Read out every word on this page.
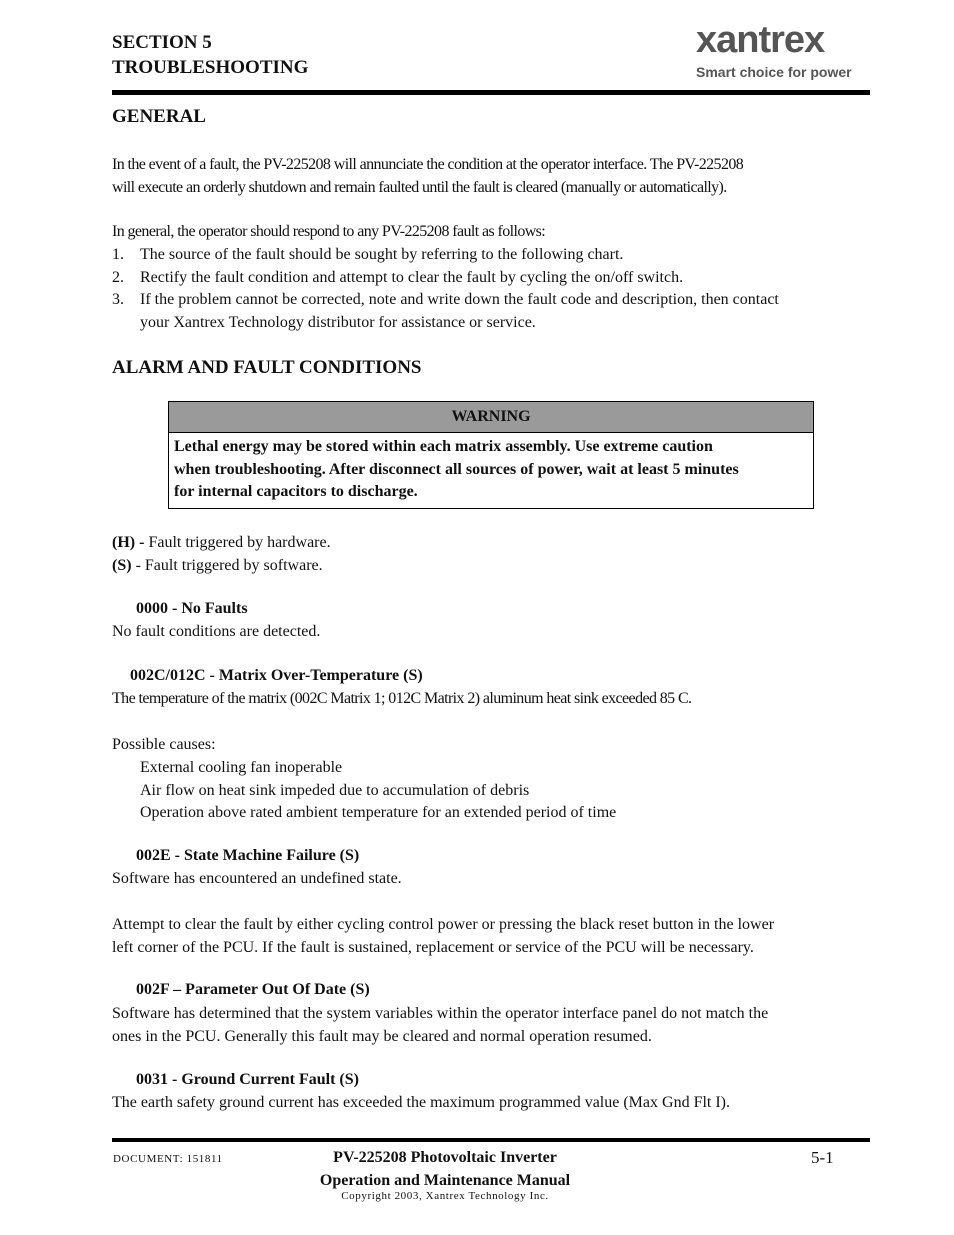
SECTION 5
TROUBLESHOOTING
xantrex
Smart choice for power
GENERAL
In the event of a fault, the PV-225208 will annunciate the condition at the operator interface. The PV-225208
will execute an orderly shutdown and remain faulted until the fault is cleared (manually or automatically).
In general, the operator should respond to any PV-225208 fault as follows:
1.	The source of the fault should be sought by referring to the following chart.
2.	Rectify the fault condition and attempt to clear the fault by cycling the on/off switch.
3.	If the problem cannot be corrected, note and write down the fault code and description, then contact
your Xantrex Technology distributor for assistance or service.
ALARM AND FAULT CONDITIONS
WARNING
Lethal energy may be stored within each matrix assembly. Use extreme caution
when troubleshooting. After disconnect all sources of power, wait at least 5 minutes
for internal capacitors to discharge.
(H) - Fault triggered by hardware.
(S) - Fault triggered by software.
0000 - No Faults
No fault conditions are detected.
002C/012C - Matrix Over-Temperature (S)
The temperature of the matrix (002C Matrix 1; 012C Matrix 2) aluminum heat sink exceeded 85 C.
Possible causes:
External cooling fan inoperable
Air flow on heat sink impeded due to accumulation of debris
Operation above rated ambient temperature for an extended period of time
002E - State Machine Failure (S)
Software has encountered an undefined state.
Attempt to clear the fault by either cycling control power or pressing the black reset button in the lower
left corner of the PCU. If the fault is sustained, replacement or service of the PCU will be necessary.
002F – Parameter Out Of Date (S)
Software has determined that the system variables within the operator interface panel do not match the
ones in the PCU. Generally this fault may be cleared and normal operation resumed.
0031 - Ground Current Fault (S)
The earth safety ground current has exceeded the maximum programmed value (Max Gnd Flt I).
DOCUMENT: 151811	PV-225208 Photovoltaic Inverter
Operation and Maintenance Manual
Copyright 2003, Xantrex Technology Inc.
5-1
